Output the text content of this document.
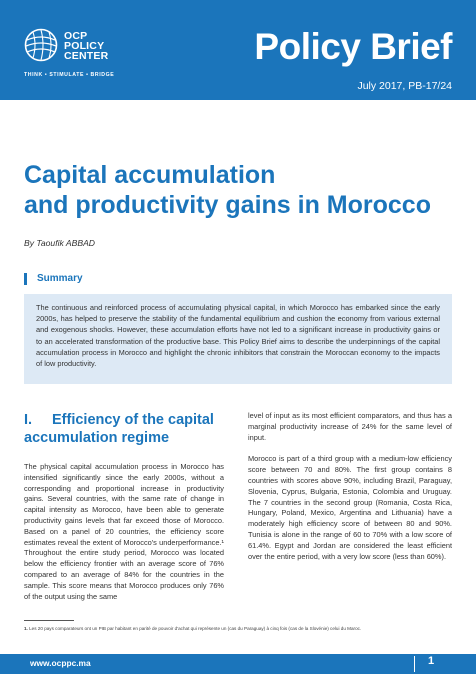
OCP
POLICY
CENTER
THINK • STIMULATE • BRIDGE
Policy Brief
July 2017, PB-17/24
Capital accumulation
and productivity gains in Morocco
By Taoufik ABBAD
Summary

The continuous and reinforced process of accumulating physical capital, in which Morocco has embarked since the early 2000s, has helped to preserve the stability of the fundamental equilibrium and cushion the economy from various external and exogenous shocks. However, these accumulation efforts have not led to a significant increase in productivity gains or to an accelerated transformation of the productive base. This Policy Brief aims to describe the underpinnings of the capital accumulation process in Morocco and highlight the chronic inhibitors that constrain the Moroccan economy to the impacts of low productivity.

I. Efficiency of the capital
accumulation regime

The physical capital accumulation process in Morocco has intensified significantly since the early 2000s, without a corresponding and proportional increase in productivity gains. Several countries, with the same rate of change in capital intensity as Morocco, have been able to generate productivity gains levels that far exceed those of Morocco. Based on a panel of 20 countries, the efficiency score estimates reveal the extent of Morocco's underperformance.¹ Throughout the entire study period, Morocco was located below the efficiency frontier with an average score of 76% compared to an average of 84% for the countries in the sample. This score means that Morocco produces only 76% of the output using the same

level of input as its most efficient comparators, and thus has a marginal productivity increase of 24% for the same level of input.

Morocco is part of a third group with a medium-low efficiency score between 70 and 80%. The first group contains 8 countries with scores above 90%, including Brazil, Paraguay, Slovenia, Cyprus, Bulgaria, Estonia, Colombia and Uruguay. The 7 countries in the second group (Romania, Costa Rica, Hungary, Poland, Mexico, Argentina and Lithuania) have a moderately high efficiency score of between 80 and 90%. Tunisia is alone in the range of 60 to 70% with a low score of 61.4%. Egypt and Jordan are considered the least efficient over the entire period, with a very low score (less than 60%).

1. Les 20 pays comparateurs ont un PIB par habitant en parité de pouvoir d'achat qui représente un (cas du Paraguay) à cinq fois (cas de la Slovénie) celui du Maroc.

www.ocppc.ma	1
